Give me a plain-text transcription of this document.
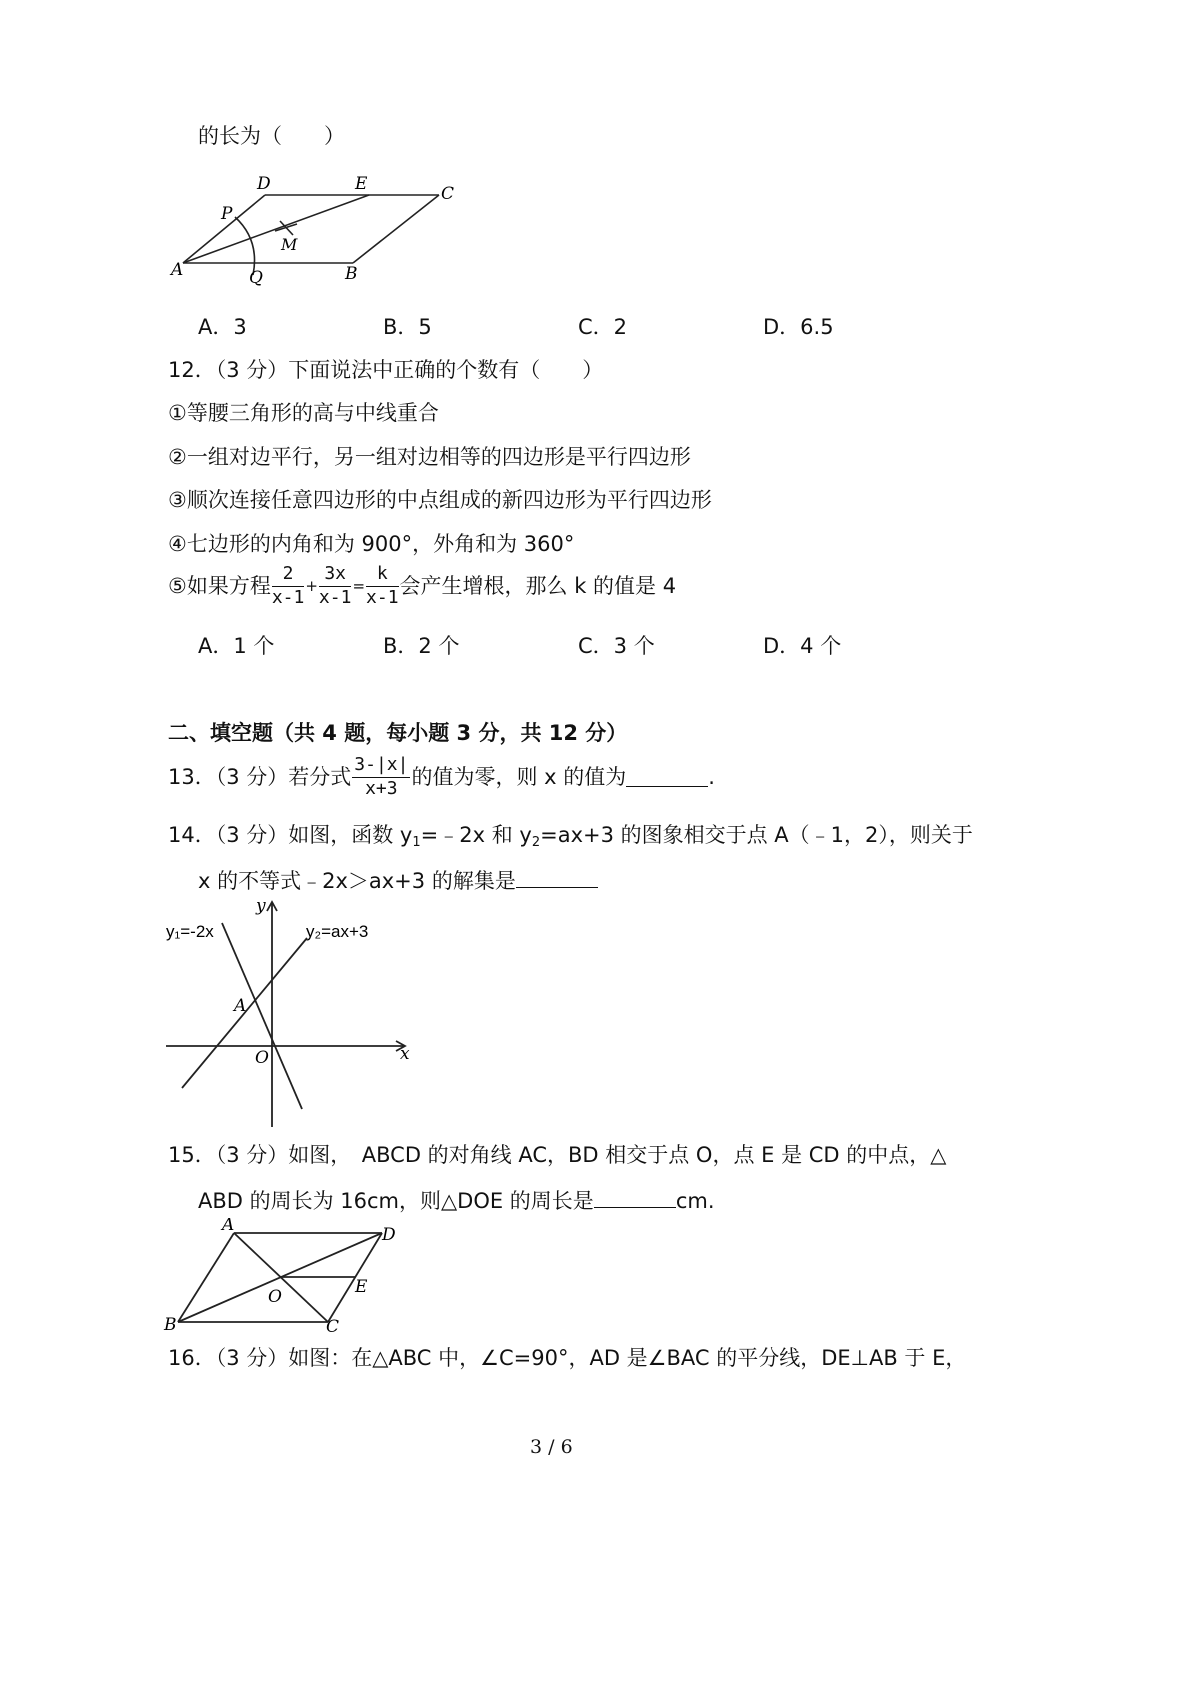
的长为（　　）
D	E	C
P
M
A	Q	B
A．3	B．5	C．2	D．6.5
12．（3 分）下面说法中正确的个数有（　　）
①等腰三角形的高与中线重合
②一组对边平行，另一组对边相等的四边形是平行四边形
③顺次连接任意四边形的中点组成的新四边形为平行四边形
④七边形的内角和为 900°，外角和为 360°
⑤如果方程 $\frac{2}{x-1} + \frac{3x}{x-1} = \frac{k}{x-1}$ 会产生增根，那么 k 的值是 4
A．1 个	B．2 个	C．3 个	D．4 个
二、填空题（共 4 题，每小题 3 分，共 12 分）
13．（3 分）若分式 $\frac{3-|x|}{x+3}$ 的值为零，则 x 的值为	.
14．（3 分）如图，函数 $y_1=﹣2x$ 和 $y_2=ax+3$ 的图象相交于点 A（﹣1，2），则关于
x 的不等式﹣2x＞ax+3 的解集是
y₁=-2x	y₂=ax+3
y
x
A
O
15．（3 分）如图，　ABCD 的对角线 AC，BD 相交于点 O，点 E 是 CD 的中点，△
ABD 的周长为 16cm，则△DOE 的周长是	cm.
A	D
E
O
B	C
16．（3 分）如图：在△ABC 中，∠C=90°，AD 是∠BAC 的平分线，DE⊥AB 于 E，
3 / 6
